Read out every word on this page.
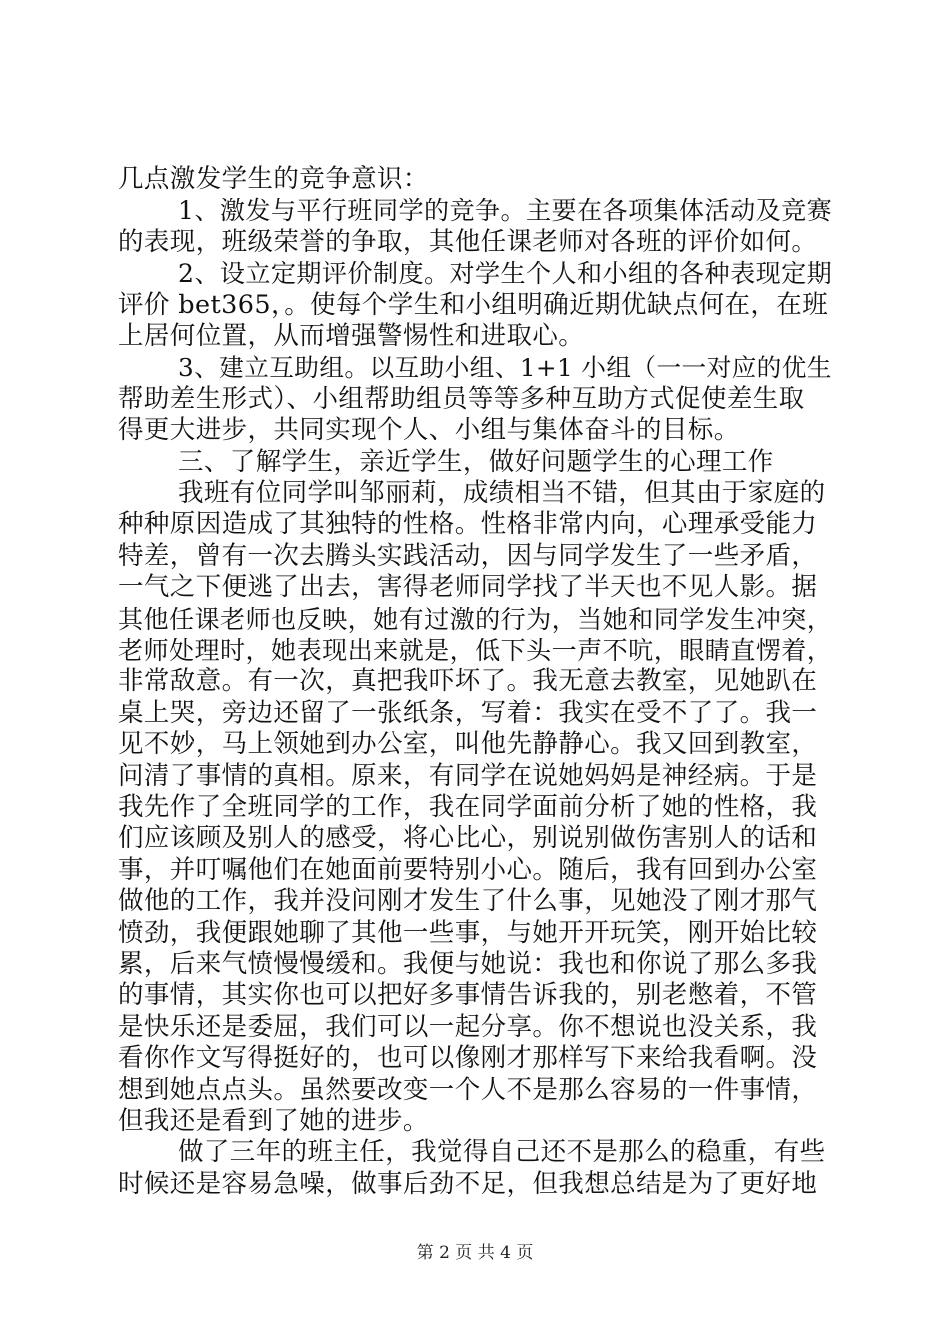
几点激发学生的竞争意识：
1、激发与平行班同学的竞争。主要在各项集体活动及竞赛
的表现，班级荣誉的争取，其他任课老师对各班的评价如何。
2、设立定期评价制度。对学生个人和小组的各种表现定期
评价 bet365，。使每个学生和小组明确近期优缺点何在，在班
上居何位置，从而增强警惕性和进取心。
3、建立互助组。以互助小组、1+1 小组（一一对应的优生
帮助差生形式）、小组帮助组员等等多种互助方式促使差生取
得更大进步，共同实现个人、小组与集体奋斗的目标。
三、了解学生，亲近学生，做好问题学生的心理工作
我班有位同学叫邹丽莉，成绩相当不错，但其由于家庭的
种种原因造成了其独特的性格。性格非常内向，心理承受能力
特差，曾有一次去腾头实践活动，因与同学发生了一些矛盾，
一气之下便逃了出去，害得老师同学找了半天也不见人影。据
其他任课老师也反映，她有过激的行为，当她和同学发生冲突，
老师处理时，她表现出来就是，低下头一声不吭，眼睛直愣着，
非常敌意。有一次，真把我吓坏了。我无意去教室，见她趴在
桌上哭，旁边还留了一张纸条，写着：我实在受不了了。我一
见不妙，马上领她到办公室，叫他先静静心。我又回到教室，
问清了事情的真相。原来，有同学在说她妈妈是神经病。于是
我先作了全班同学的工作，我在同学面前分析了她的性格，我
们应该顾及别人的感受，将心比心，别说别做伤害别人的话和
事，并叮嘱他们在她面前要特别小心。随后，我有回到办公室
做他的工作，我并没问刚才发生了什么事，见她没了刚才那气
愤劲，我便跟她聊了其他一些事，与她开开玩笑，刚开始比较
累，后来气愤慢慢缓和。我便与她说：我也和你说了那么多我
的事情，其实你也可以把好多事情告诉我的，别老憋着，不管
是快乐还是委屈，我们可以一起分享。你不想说也没关系，我
看你作文写得挺好的，也可以像刚才那样写下来给我看啊。没
想到她点点头。虽然要改变一个人不是那么容易的一件事情，
但我还是看到了她的进步。
做了三年的班主任，我觉得自己还不是那么的稳重，有些
时候还是容易急噪，做事后劲不足，但我想总结是为了更好地
第 2 页 共 4 页
